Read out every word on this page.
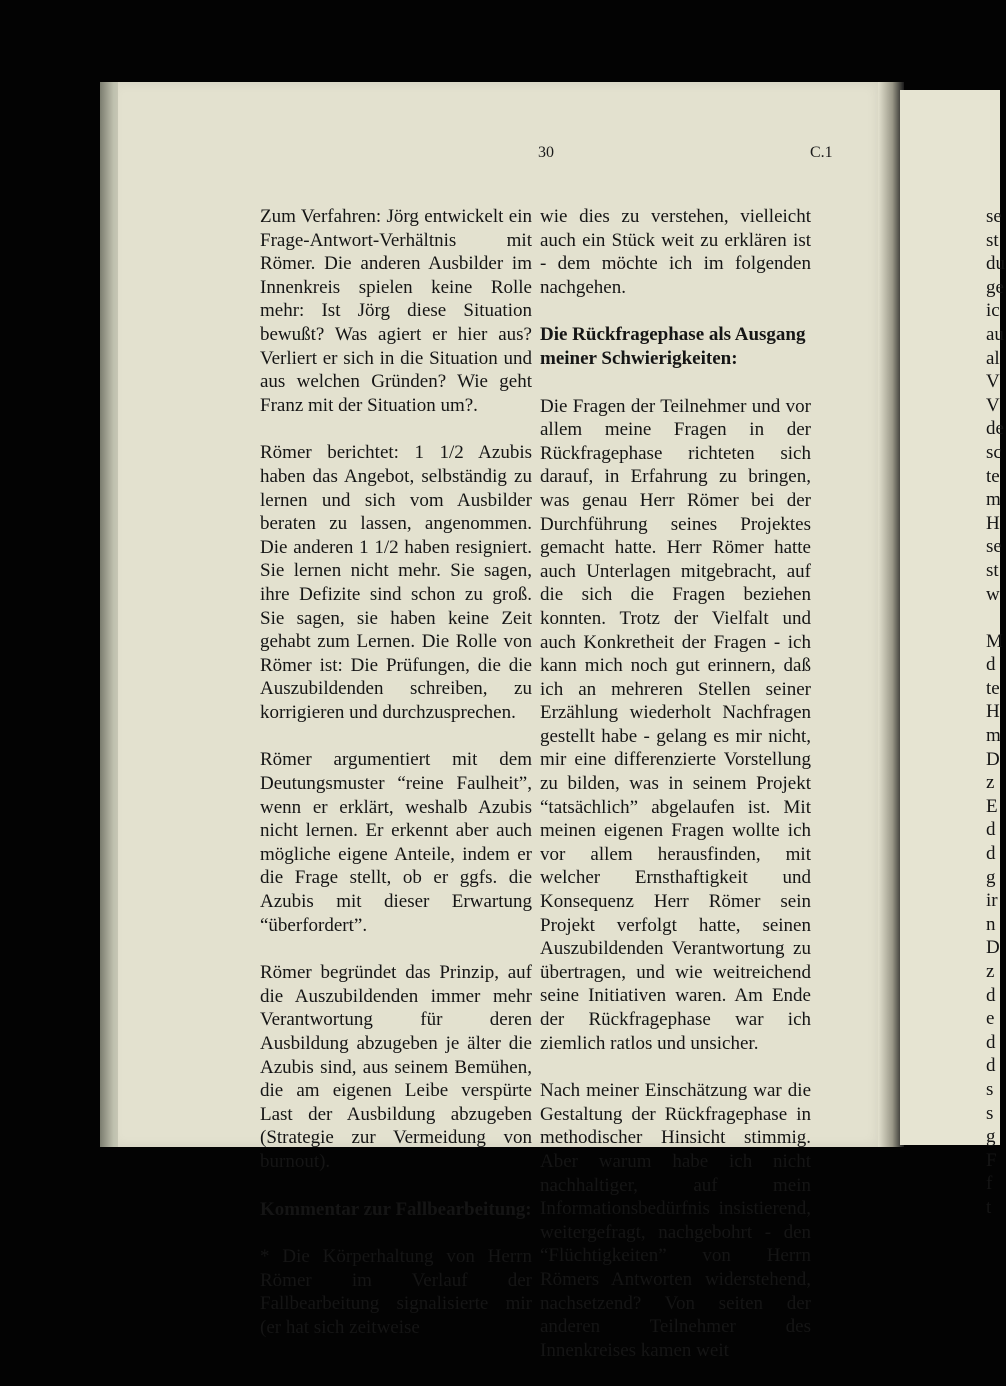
30	C.1

Zum Verfahren: Jörg entwickelt ein Frage-Antwort-Verhältnis mit Römer. Die anderen Ausbilder im Innenkreis spielen keine Rolle mehr: Ist Jörg diese Situation bewußt? Was agiert er hier aus? Verliert er sich in die Situation und aus welchen Gründen? Wie geht Franz mit der Situation um?.

Römer berichtet: 1 1/2 Azubis haben das Angebot, selbständig zu lernen und sich vom Ausbilder beraten zu lassen, angenommen. Die anderen 1 1/2 haben resigniert. Sie lernen nicht mehr. Sie sagen, ihre Defizite sind schon zu groß. Sie sagen, sie haben keine Zeit gehabt zum Lernen. Die Rolle von Römer ist: Die Prüfungen, die die Auszubildenden schreiben, zu korrigieren und durchzusprechen.

Römer argumentiert mit dem Deutungsmuster “reine Faulheit”, wenn er erklärt, weshalb Azubis nicht lernen. Er erkennt aber auch mögliche eigene Anteile, indem er die Frage stellt, ob er ggfs. die Azubis mit dieser Erwartung “überfordert”.

Römer begründet das Prinzip, auf die Auszubildenden immer mehr Verantwortung für deren Ausbildung abzugeben je älter die Azubis sind, aus seinem Bemühen, die am eigenen Leibe verspürte Last der Ausbildung abzugeben (Strategie zur Vermeidung von burnout).

Kommentar zur Fallbearbeitung:

* Die Körperhaltung von Herrn Römer im Verlauf der Fallbearbeitung signalisierte mir (er hat sich zeitweise

wie dies zu verstehen, vielleicht auch ein Stück weit zu erklären ist - dem möchte ich im folgenden nachgehen.

Die Rückfragephase als Ausgang meiner Schwierigkeiten:

Die Fragen der Teilnehmer und vor allem meine Fragen in der Rückfragephase richteten sich darauf, in Erfahrung zu bringen, was genau Herr Römer bei der Durchführung seines Projektes gemacht hatte. Herr Römer hatte auch Unterlagen mitgebracht, auf die sich die Fragen beziehen konnten. Trotz der Vielfalt und auch Konkretheit der Fragen - ich kann mich noch gut erinnern, daß ich an mehreren Stellen seiner Erzählung wiederholt Nachfragen gestellt habe - gelang es mir nicht, mir eine differenzierte Vorstellung zu bilden, was in seinem Projekt “tatsächlich” abgelaufen ist. Mit meinen eigenen Fragen wollte ich vor allem herausfinden, mit welcher Ernsthaftigkeit und Konsequenz Herr Römer sein Projekt verfolgt hatte, seinen Auszubildenden Verantwortung zu übertragen, und wie weitreichend seine Initiativen waren. Am Ende der Rückfragephase war ich ziemlich ratlos und unsicher.

Nach meiner Einschätzung war die Gestaltung der Rückfragephase in methodischer Hinsicht stimmig. Aber warum habe ich nicht nachhaltiger, auf mein Informationsbedürfnis insistierend, weitergefragt, nachgebohrt - den “Flüchtigkeiten” von Herrn Römers Antworten widerstehend, nachsetzend? Von seiten der anderen Teilnehmer des Innenkreises kamen weit

se
st
du
ge
ic
au
al
V
V
de
sc
te
m
H
se
st
w
M
d
te
H
m
D
z
E
d
d
g
ir
n
D
z
d
e
d
d
s
s
g
F
f
t
